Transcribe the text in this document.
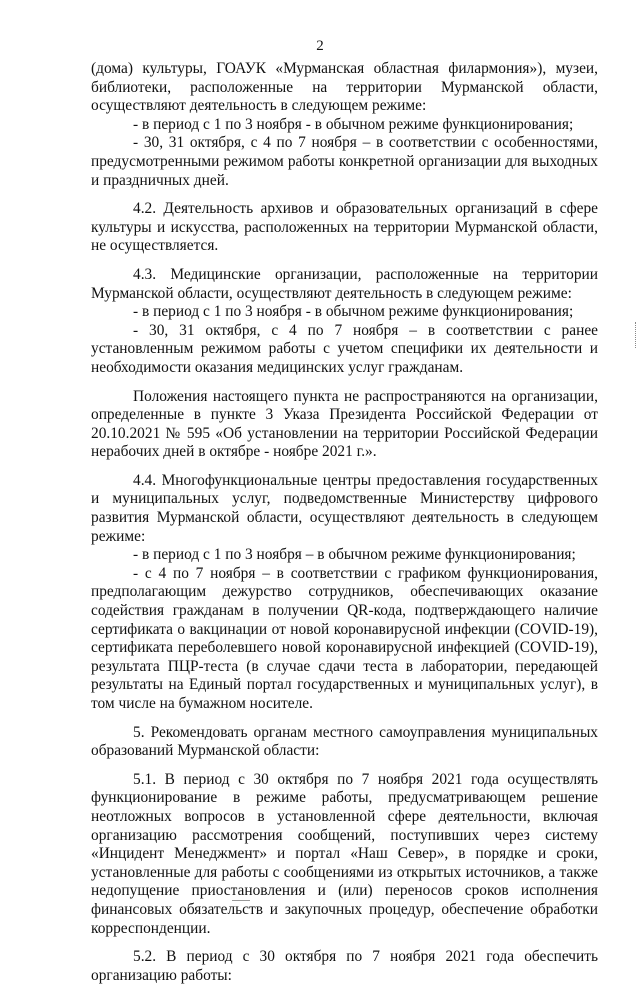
2

(дома) культуры, ГОАУК «Мурманская областная филармония»), музеи, библиотеки, расположенные на территории Мурманской области, осуществляют деятельность в следующем режиме:

- в период с 1 по 3 ноября - в обычном режиме функционирования;

- 30, 31 октября, с 4 по 7 ноября – в соответствии с особенностями, предусмотренными режимом работы конкретной организации для выходных и праздничных дней.

4.2. Деятельность архивов и образовательных организаций в сфере культуры и искусства, расположенных на территории Мурманской области, не осуществляется.

4.3. Медицинские организации, расположенные на территории Мурманской области, осуществляют деятельность в следующем режиме:

- в период с 1 по 3 ноября - в обычном режиме функционирования;

- 30, 31 октября, с 4 по 7 ноября – в соответствии с ранее установленным режимом работы с учетом специфики их деятельности и необходимости оказания медицинских услуг гражданам.

Положения настоящего пункта не распространяются на организации, определенные в пункте 3 Указа Президента Российской Федерации от 20.10.2021 № 595 «Об установлении на территории Российской Федерации нерабочих дней в октябре - ноябре 2021 г.».

4.4. Многофункциональные центры предоставления государственных и муниципальных услуг, подведомственные Министерству цифрового развития Мурманской области, осуществляют деятельность в следующем режиме:

- в период с 1 по 3 ноября – в обычном режиме функционирования;

- с 4 по 7 ноября – в соответствии с графиком функционирования, предполагающим дежурство сотрудников, обеспечивающих оказание содействия гражданам в получении QR-кода, подтверждающего наличие сертификата о вакцинации от новой коронавирусной инфекции (COVID-19), сертификата переболевшего новой коронавирусной инфекцией (COVID-19), результата ПЦР-теста (в случае сдачи теста в лаборатории, передающей результаты на Единый портал государственных и муниципальных услуг), в том числе на бумажном носителе.

5. Рекомендовать органам местного самоуправления муниципальных образований Мурманской области:

5.1. В период с 30 октября по 7 ноября 2021 года осуществлять функционирование в режиме работы, предусматривающем решение неотложных вопросов в установленной сфере деятельности, включая организацию рассмотрения сообщений, поступивших через систему «Инцидент Менеджмент» и портал «Наш Север», в порядке и сроки, установленные для работы с сообщениями из открытых источников, а также недопущение приостановления и (или) переносов сроков исполнения финансовых обязательств и закупочных процедур, обеспечение обработки корреспонденции.

5.2. В период с 30 октября по 7 ноября 2021 года обеспечить организацию работы:
